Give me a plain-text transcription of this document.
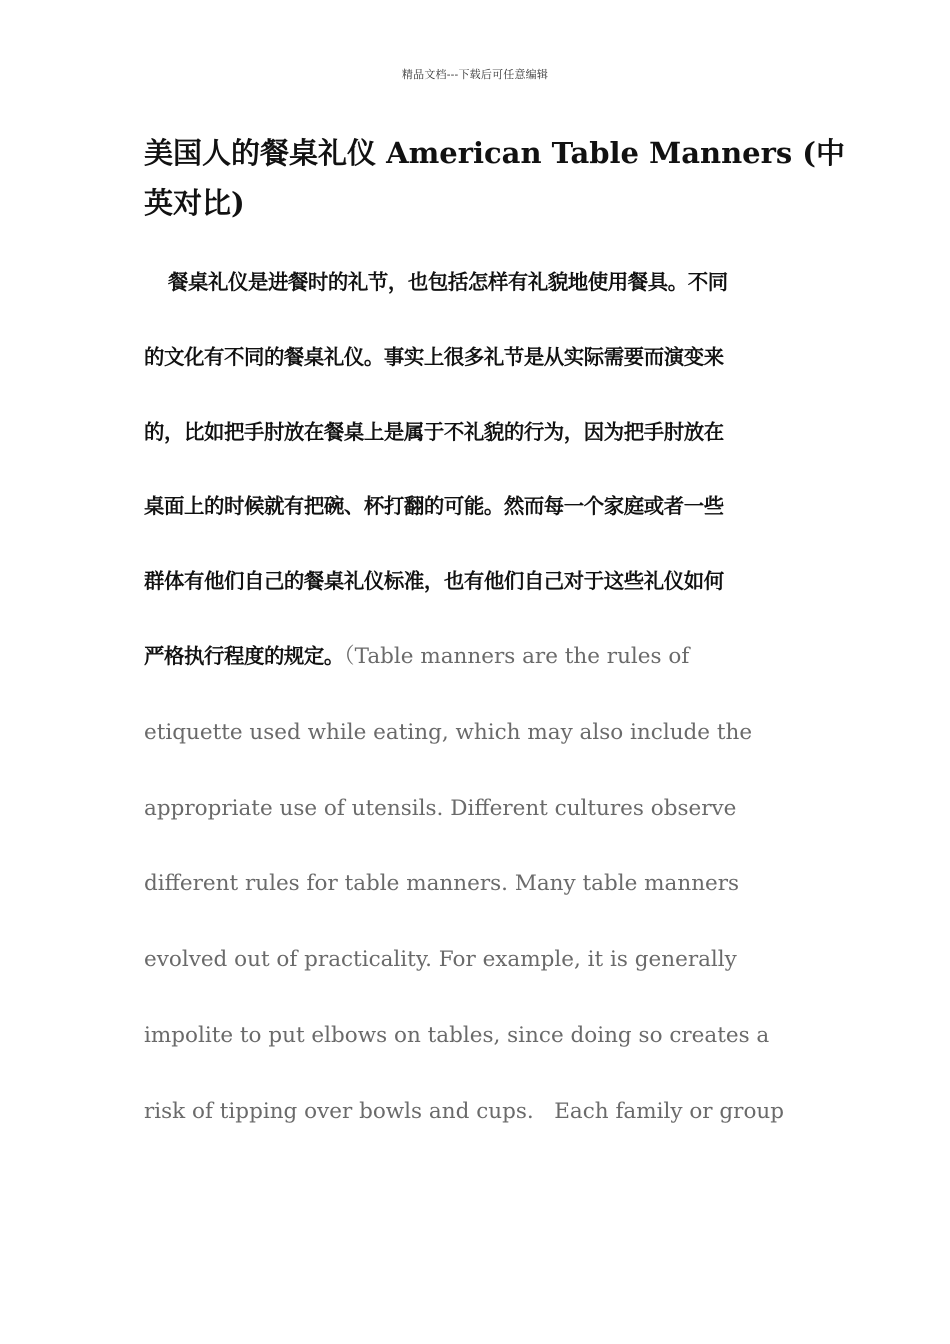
精品文档---下载后可任意编辑
美国人的餐桌礼仪 American Table Manners (中
英对比)
餐桌礼仪是进餐时的礼节，也包括怎样有礼貌地使用餐具。不同
的文化有不同的餐桌礼仪。事实上很多礼节是从实际需要而演变来
的，比如把手肘放在餐桌上是属于不礼貌的行为，因为把手肘放在
桌面上的时候就有把碗、杯打翻的可能。然而每一个家庭或者一些
群体有他们自己的餐桌礼仪标准，也有他们自己对于这些礼仪如何
严格执行程度的规定。（Table manners are the rules of
etiquette used while eating, which may also include the
appropriate use of utensils. Different cultures observe
different rules for table manners. Many table manners
evolved out of practicality. For example, it is generally
impolite to put elbows on tables, since doing so creates a
risk of tipping over bowls and cups.   Each family or group
